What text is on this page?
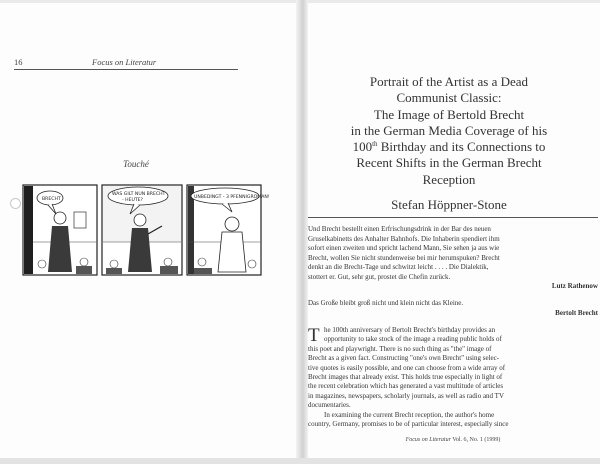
16	Focus on Literatur
Touché
BRECHT
WAS GILT NUN BRECHT
- HEUTE?
UNBEDINGT - 3 PFENNIGROMAN!
Portrait of the Artist as a Dead
Communist Classic:
The Image of Bertold Brecht
in the German Media Coverage of his
100th Birthday and its Connections to
Recent Shifts in the German Brecht
Reception
Stefan Höppner-Stone
Und Brecht bestellt einen Erfrischungsdrink in der Bar des neuen
Gruselkabinetts des Anhalter Bahnhofs. Die Inhaberin spendiert ihm
sofort einen zweiten und spricht lachend Mann, Sie sehen ja aus wie
Brecht, wollen Sie nicht stundenweise bei mir herumspuken? Brecht
denkt an die Brecht-Tage und schwitzt leicht . . . . Die Dialektik,
stottert er. Gut, sehr gut, prostet die Chefin zurück.
Lutz Rathenow
Das Große bleibt groß nicht und klein nicht das Kleine.
Bertolt Brecht
T he 100th anniversary of Bertolt Brecht's birthday provides an
opportunity to take stock of the image a reading public holds of
this poet and playwright. There is no such thing as "the" image of
Brecht as a given fact. Constructing "one's own Brecht" using selec-
tive quotes is easily possible, and one can choose from a wide array of
Brecht images that already exist. This holds true especially in light of
the recent celebration which has generated a vast multitude of articles
in magazines, newspapers, scholarly journals, as well as radio and TV
documentaries.
In examining the current Brecht reception, the author's home
country, Germany, promises to be of particular interest, especially since
Focus on Literatur Vol. 6, No. 1 (1999)
